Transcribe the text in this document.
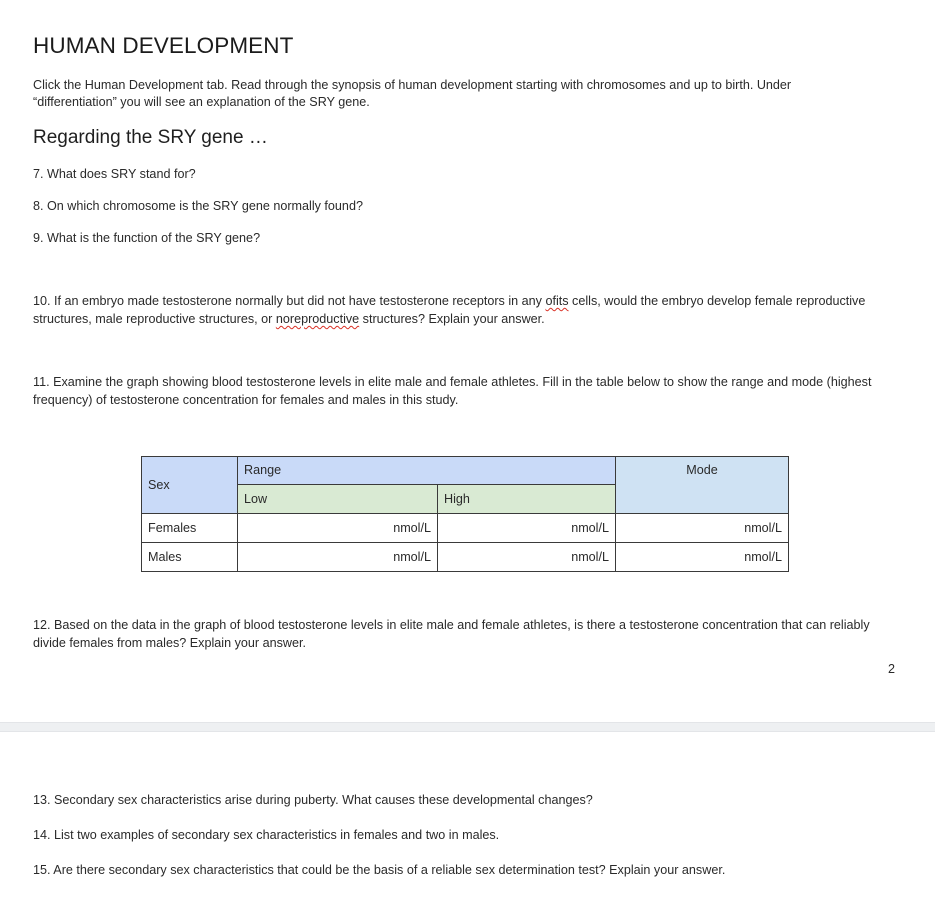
HUMAN DEVELOPMENT
Click the Human Development tab. Read through the synopsis of human development starting with chromosomes and up to birth. Under “differentiation” you will see an explanation of the SRY gene.
Regarding the SRY gene …
7. What does SRY stand for?
8. On which chromosome is the SRY gene normally found?
9. What is the function of the SRY gene?
10. If an embryo made testosterone normally but did not have testosterone receptors in any ofits cells, would the embryo develop female reproductive structures, male reproductive structures, or noreproductive structures? Explain your answer.
11. Examine the graph showing blood testosterone levels in elite male and female athletes. Fill in the table below to show the range and mode (highest frequency) of testosterone concentration for females and males in this study.
Sex	Range		Mode
	Low	High	
Females	nmol/L	nmol/L	nmol/L
Males	nmol/L	nmol/L	nmol/L
12. Based on the data in the graph of blood testosterone levels in elite male and female athletes, is there a testosterone concentration that can reliably divide females from males? Explain your answer.
2
13. Secondary sex characteristics arise during puberty. What causes these developmental changes?
14. List two examples of secondary sex characteristics in females and two in males.
15. Are there secondary sex characteristics that could be the basis of a reliable sex determination test? Explain your answer.
